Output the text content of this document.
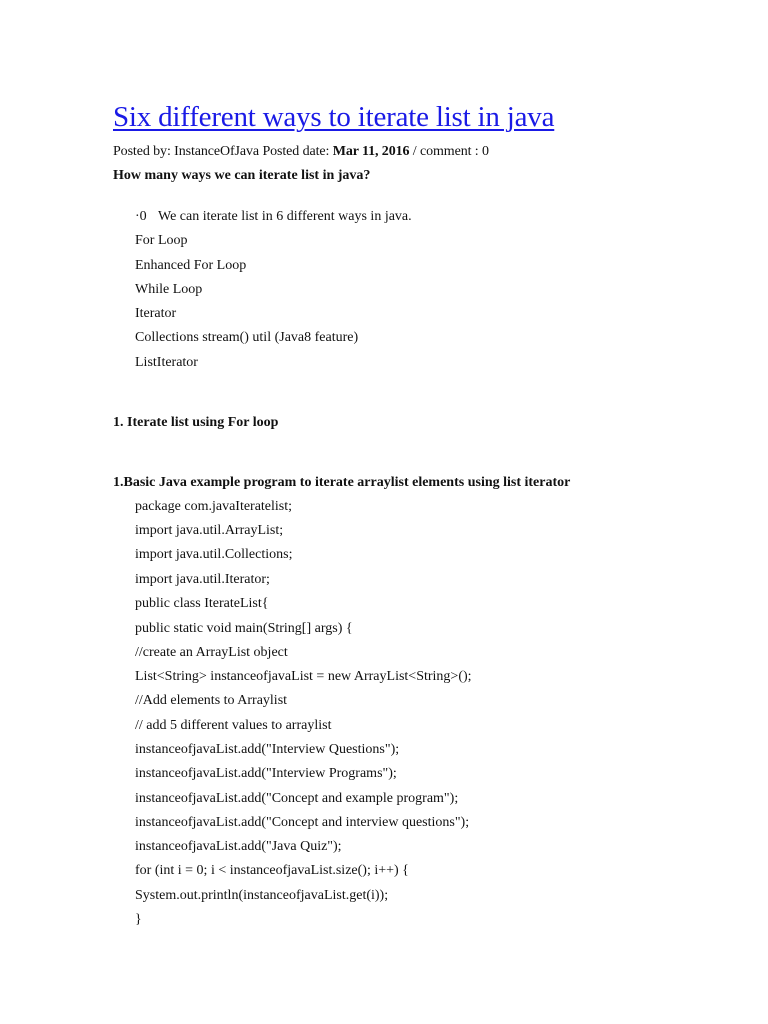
Six different ways to iterate list in java
Posted by: InstanceOfJava Posted date: Mar 11, 2016 / comment : 0
How many ways we can iterate list in java?
·0 We can iterate list in 6 different ways in java.
For Loop
Enhanced For Loop
While Loop
Iterator
Collections stream() util (Java8 feature)
ListIterator
1. Iterate list using For loop
1.Basic Java example program to iterate arraylist elements using list iterator
package com.javaIteratelist;
import java.util.ArrayList;
import java.util.Collections;
import java.util.Iterator;
public class IterateList{
public static void main(String[] args) {
//create an ArrayList object
List<String> instanceofjavaList = new ArrayList<String>();
//Add elements to Arraylist
// add 5 different values to arraylist
instanceofjavaList.add("Interview Questions");
instanceofjavaList.add("Interview Programs");
instanceofjavaList.add("Concept and example program");
instanceofjavaList.add("Concept and interview questions");
instanceofjavaList.add("Java Quiz");
for (int i = 0; i < instanceofjavaList.size(); i++) {
System.out.println(instanceofjavaList.get(i));
}
